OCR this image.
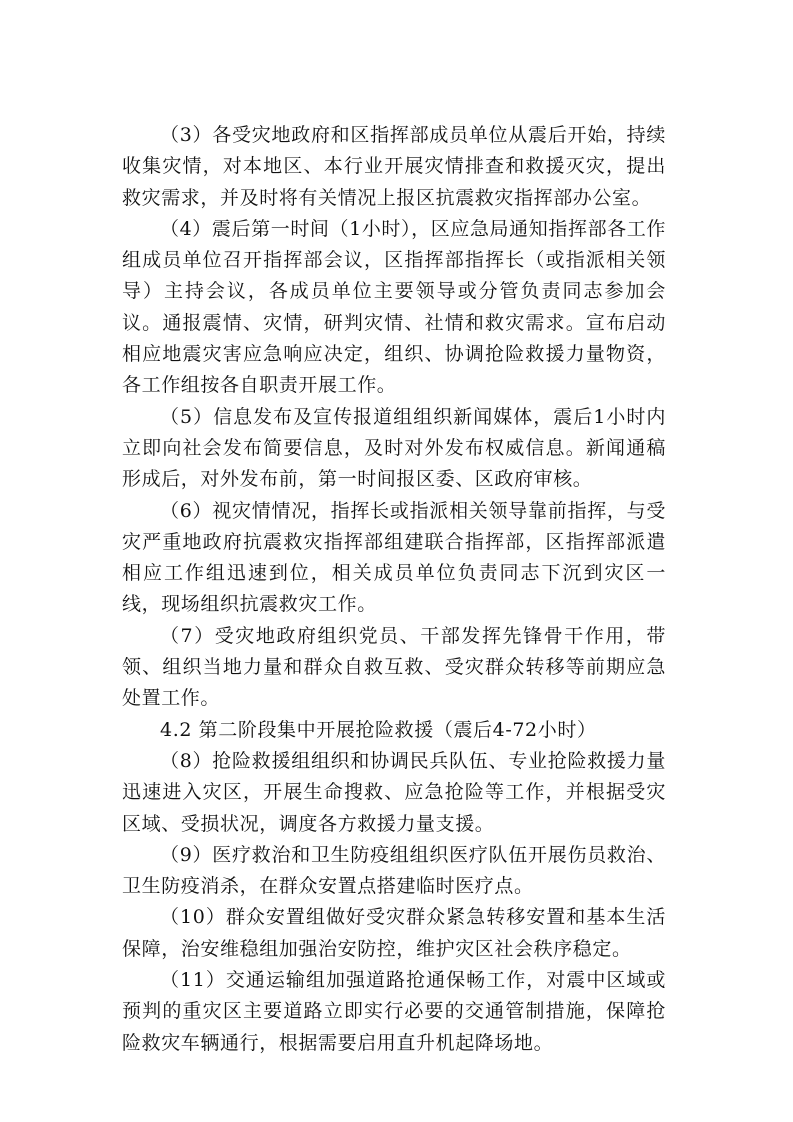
（3）各受灾地政府和区指挥部成员单位从震后开始，持续收集灾情，对本地区、本行业开展灾情排查和救援灭灾，提出救灾需求，并及时将有关情况上报区抗震救灾指挥部办公室。

（4）震后第一时间（1小时），区应急局通知指挥部各工作组成员单位召开指挥部会议，区指挥部指挥长（或指派相关领导）主持会议，各成员单位主要领导或分管负责同志参加会议。通报震情、灾情，研判灾情、社情和救灾需求。宣布启动相应地震灾害应急响应决定，组织、协调抢险救援力量物资，各工作组按各自职责开展工作。

（5）信息发布及宣传报道组组织新闻媒体，震后1小时内立即向社会发布简要信息，及时对外发布权威信息。新闻通稿形成后，对外发布前，第一时间报区委、区政府审核。

（6）视灾情情况，指挥长或指派相关领导靠前指挥，与受灾严重地政府抗震救灾指挥部组建联合指挥部，区指挥部派遣相应工作组迅速到位，相关成员单位负责同志下沉到灾区一线，现场组织抗震救灾工作。

（7）受灾地政府组织党员、干部发挥先锋骨干作用，带领、组织当地力量和群众自救互救、受灾群众转移等前期应急处置工作。

4.2 第二阶段集中开展抢险救援（震后4-72小时）

（8）抢险救援组组织和协调民兵队伍、专业抢险救援力量迅速进入灾区，开展生命搜救、应急抢险等工作，并根据受灾区域、受损状况，调度各方救援力量支援。

（9）医疗救治和卫生防疫组组织医疗队伍开展伤员救治、卫生防疫消杀，在群众安置点搭建临时医疗点。

（10）群众安置组做好受灾群众紧急转移安置和基本生活保障，治安维稳组加强治安防控，维护灾区社会秩序稳定。

（11）交通运输组加强道路抢通保畅工作，对震中区域或预判的重灾区主要道路立即实行必要的交通管制措施，保障抢险救灾车辆通行，根据需要启用直升机起降场地。
